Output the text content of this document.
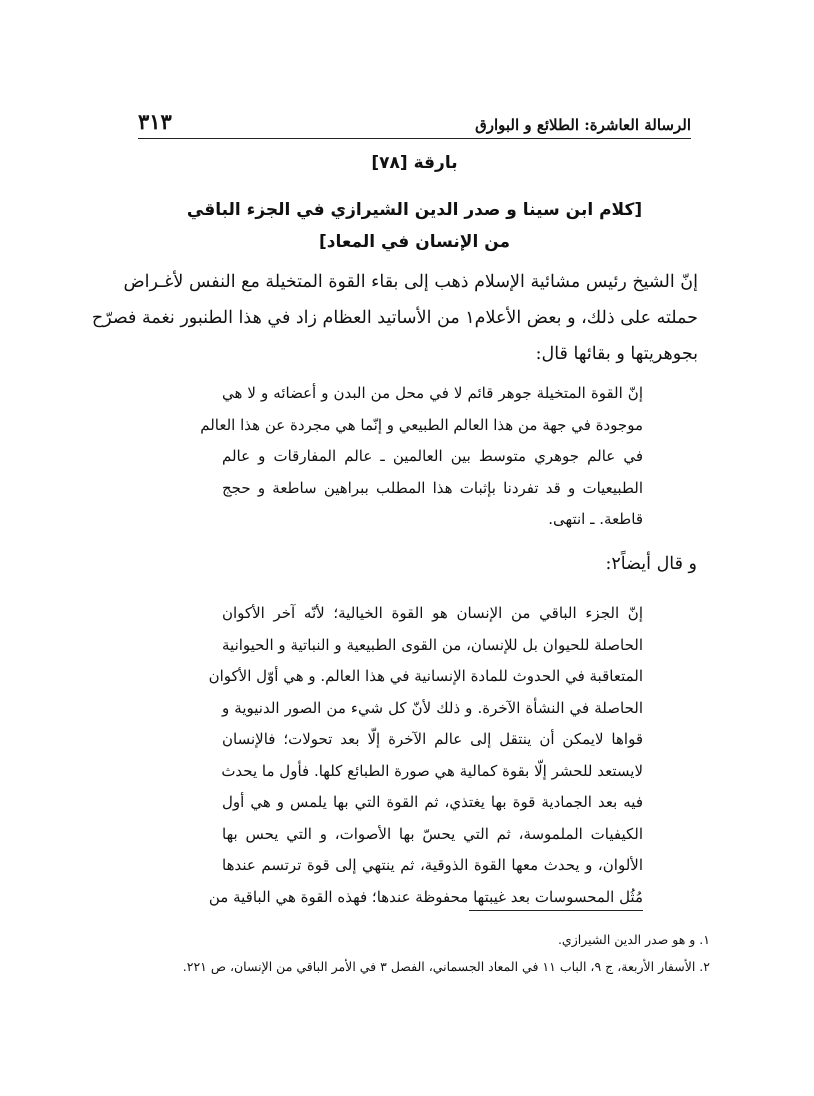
الرسالة العاشرة: الطلائع و البوارق
٣١٣
بارقة [٧٨]
[كلام ابن سينا و صدر الدين الشيرازي في الجزء الباقي
من الإنسان في المعاد]
إنّ الشيخ رئيس مشائية الإسلام ذهب إلى بقاء القوة المتخيلة مع النفس لأغـراض
حملته على ذلك، و بعض الأعلام١ من الأساتيد العظام زاد في هذا الطنبور نغمة فصرّح
بجوهريتها و بقائها قال:
إنّ القوة المتخيلة جوهر قائم لا في محل من البدن و أعضائه و لا هي
موجودة في جهة من هذا العالم الطبيعي و إنّما هي مجردة عن هذا العالم
في عالم جوهري متوسط بين العالمين ـ عالم المفارقات و عالم
الطبيعيات و قد تفردنا بإثبات هذا المطلب ببراهين ساطعة و حجج
قاطعة. ـ انتهى.
و قال أيضاً٢:
إنّ الجزء الباقي من الإنسان هو القوة الخيالية؛ لأنّه آخر الأكوان
الحاصلة للحيوان بل للإنسان، من القوى الطبيعية و النباتية و الحيوانية
المتعاقبة في الحدوث للمادة الإنسانية في هذا العالم. و هي أوّل الأكوان
الحاصلة في النشأة الآخرة. و ذلك لأنّ كل شيء من الصور الدنيوية و
قواها لايمكن أن ينتقل إلى عالم الآخرة إلّا بعد تحولات؛ فالإنسان
لايستعد للحشر إلّا بقوة كمالية هي صورة الطبائع كلها. فأول ما يحدث
فيه بعد الجمادية قوة بها يغتذي، ثم القوة التي بها يلمس و هي أول
الكيفيات الملموسة، ثم التي يحسّ بها الأصوات، و التي يحس بها
الألوان، و يحدث معها القوة الذوقية، ثم ينتهي إلى قوة ترتسم عندها
مُثُل المحسوسات بعد غيبتها محفوظة عندها؛ فهذه القوة هي الباقية من
١. و هو صدر الدين الشيرازي.
٢. الأسفار الأربعة، ج ٩، الباب ١١ في المعاد الجسماني، الفصل ٣ في الأمر الباقي من الإنسان، ص ٢٢١.
